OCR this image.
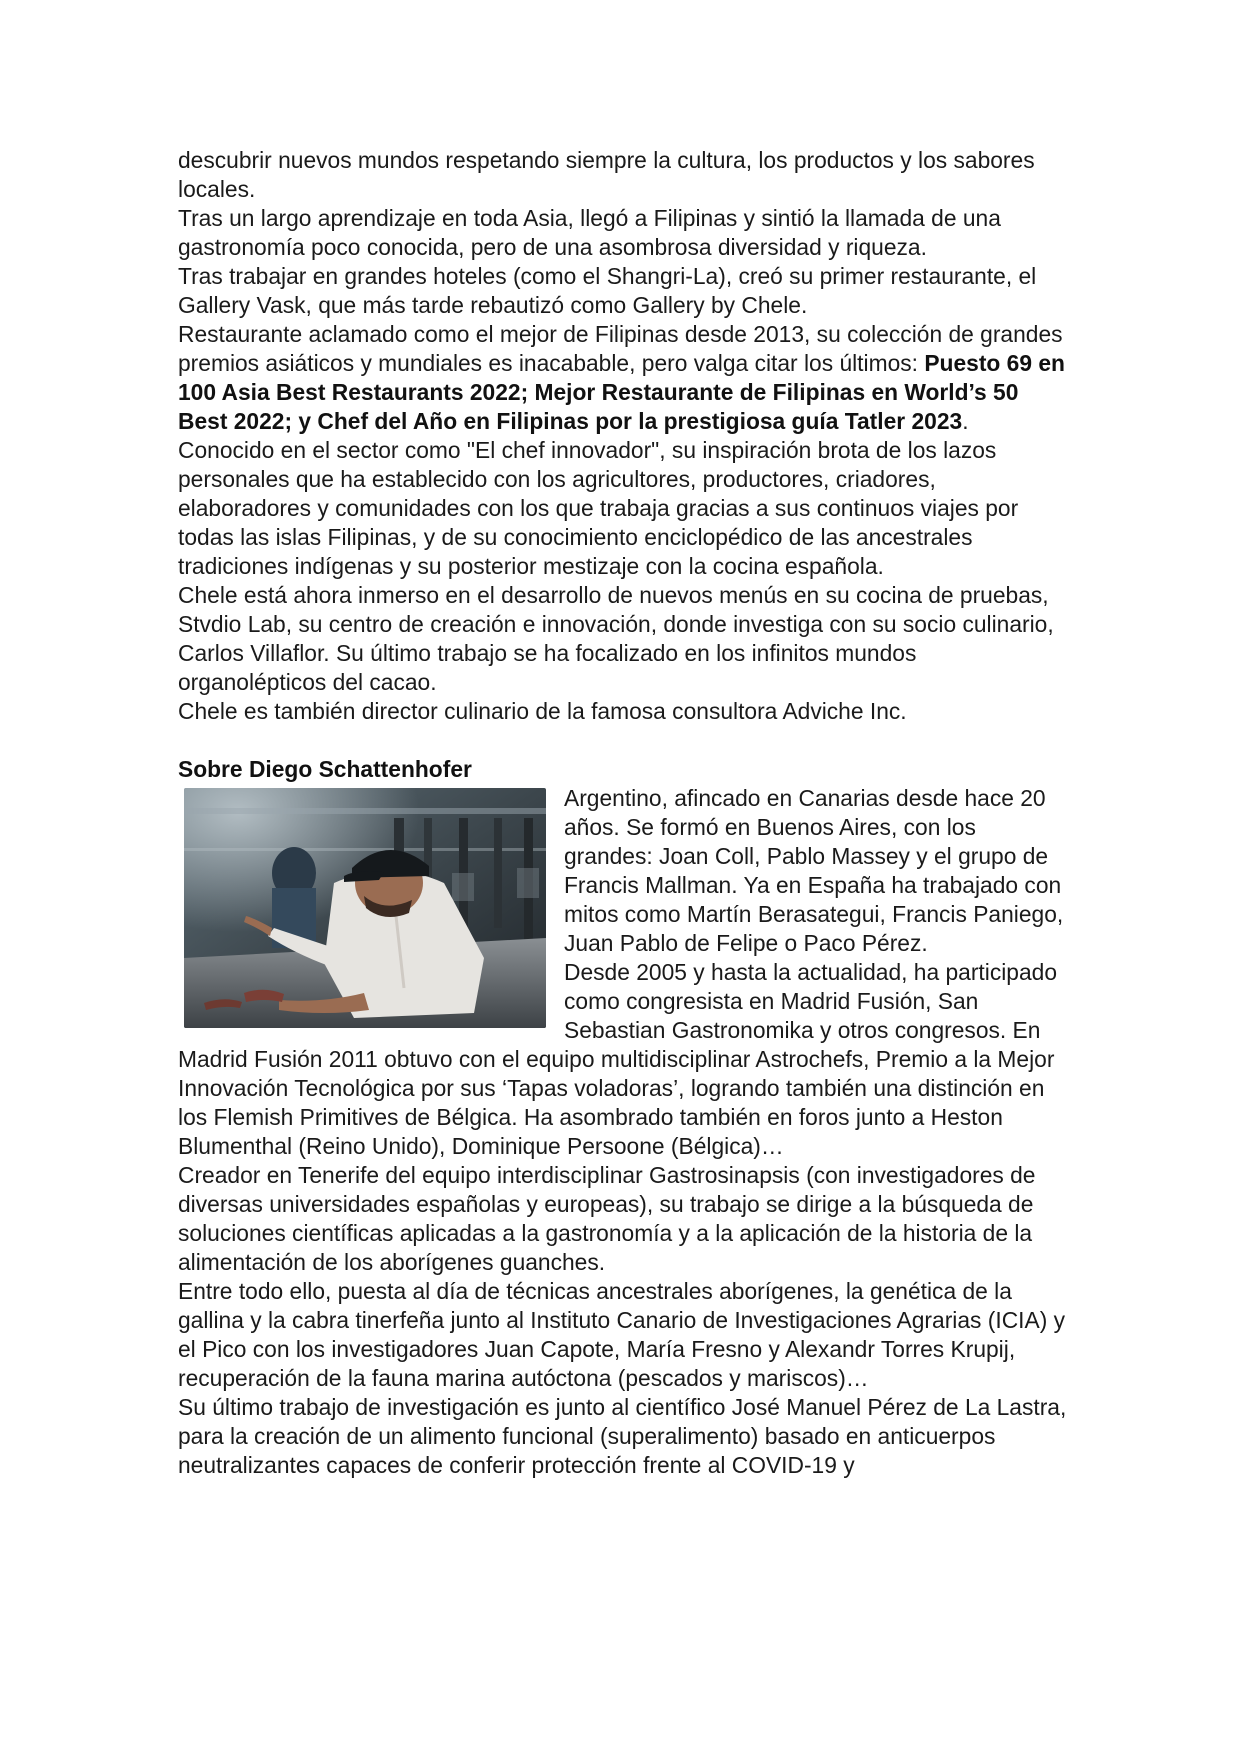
descubrir nuevos mundos respetando siempre la cultura, los productos y los sabores locales.

Tras un largo aprendizaje en toda Asia, llegó a Filipinas y sintió la llamada de una gastronomía poco conocida, pero de una asombrosa diversidad y riqueza.

Tras trabajar en grandes hoteles (como el Shangri-La), creó su primer restaurante, el Gallery Vask, que más tarde rebautizó como Gallery by Chele.

Restaurante aclamado como el mejor de Filipinas desde 2013, su colección de grandes premios asiáticos y mundiales es inacabable, pero valga citar los últimos: Puesto 69 en 100 Asia Best Restaurants 2022; Mejor Restaurante de Filipinas en World’s 50 Best 2022; y Chef del Año en Filipinas por la prestigiosa guía Tatler 2023.

Conocido en el sector como "El chef innovador", su inspiración brota de los lazos personales que ha establecido con los agricultores, productores, criadores, elaboradores y comunidades con los que trabaja gracias a sus continuos viajes por todas las islas Filipinas, y de su conocimiento enciclopédico de las ancestrales tradiciones indígenas y su posterior mestizaje con la cocina española.

Chele está ahora inmerso en el desarrollo de nuevos menús en su cocina de pruebas, Stvdio Lab, su centro de creación e innovación, donde investiga con su socio culinario, Carlos Villaflor. Su último trabajo se ha focalizado en los infinitos mundos organolépticos del cacao.

Chele es también director culinario de la famosa consultora Adviche Inc.

Sobre Diego Schattenhofer

Argentino, afincado en Canarias desde hace 20 años. Se formó en Buenos Aires, con los grandes: Joan Coll, Pablo Massey y el grupo de Francis Mallman. Ya en España ha trabajado con mitos como Martín Berasategui, Francis Paniego, Juan Pablo de Felipe o Paco Pérez.

Desde 2005 y hasta la actualidad, ha participado como congresista en Madrid Fusión, San Sebastian Gastronomika y otros congresos. En Madrid Fusión 2011 obtuvo con el equipo multidisciplinar Astrochefs, Premio a la Mejor Innovación Tecnológica por sus ‘Tapas voladoras’, logrando también una distinción en los Flemish Primitives de Bélgica. Ha asombrado también en foros junto a Heston Blumenthal (Reino Unido), Dominique Persoone (Bélgica)…

Creador en Tenerife del equipo interdisciplinar Gastrosinapsis (con investigadores de diversas universidades españolas y europeas), su trabajo se dirige a la búsqueda de soluciones científicas aplicadas a la gastronomía y a la aplicación de la historia de la alimentación de los aborígenes guanches.

Entre todo ello, puesta al día de técnicas ancestrales aborígenes, la genética de la gallina y la cabra tinerfeña junto al Instituto Canario de Investigaciones Agrarias (ICIA) y el Pico con los investigadores Juan Capote, María Fresno y Alexandr Torres Krupij, recuperación de la fauna marina autóctona (pescados y mariscos)…

Su último trabajo de investigación es junto al científico José Manuel Pérez de La Lastra, para la creación de un alimento funcional (superalimento) basado en anticuerpos neutralizantes capaces de conferir protección frente al COVID-19 y
